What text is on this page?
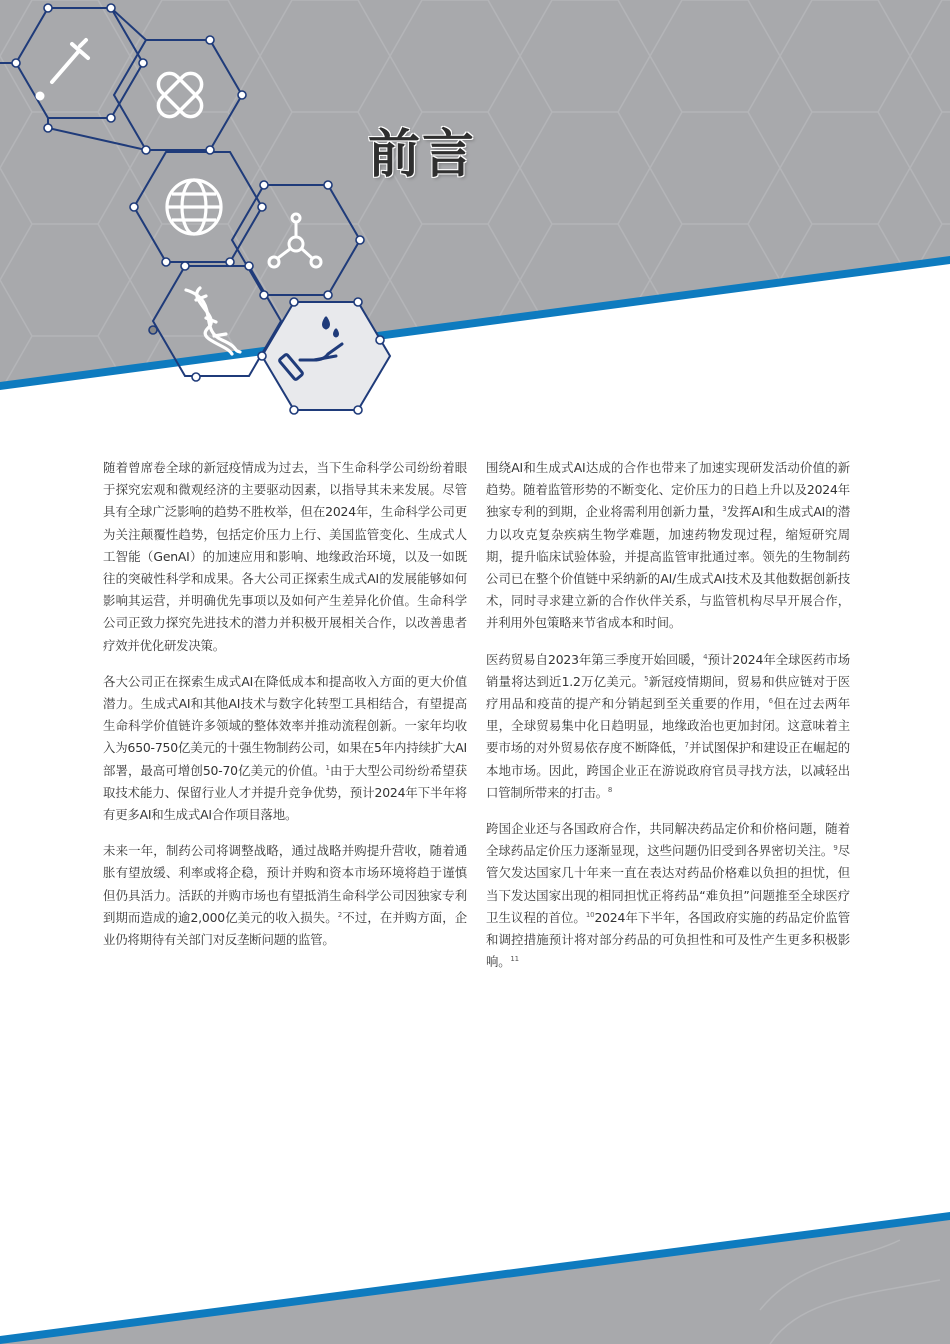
前言

随着曾席卷全球的新冠疫情成为过去，当下生命科学公司纷纷着眼于探究宏观和微观经济的主要驱动因素，以指导其未来发展。尽管具有全球广泛影响的趋势不胜枚举，但在2024年，生命科学公司更为关注颠覆性趋势，包括定价压力上行、美国监管变化、生成式人工智能（GenAI）的加速应用和影响、地缘政治环境，以及一如既往的突破性科学和成果。各大公司正探索生成式AI的发展能够如何影响其运营，并明确优先事项以及如何产生差异化价值。生命科学公司正致力探究先进技术的潜力并积极开展相关合作，以改善患者疗效并优化研发决策。

各大公司正在探索生成式AI在降低成本和提高收入方面的更大价值潜力。生成式AI和其他AI技术与数字化转型工具相结合，有望提高生命科学价值链许多领域的整体效率并推动流程创新。一家年均收入为650-750亿美元的十强生物制药公司，如果在5年内持续扩大AI部署，最高可增创50-70亿美元的价值。$^1$由于大型公司纷纷希望获取技术能力、保留行业人才并提升竞争优势，预计2024年下半年将有更多AI和生成式AI合作项目落地。

未来一年，制药公司将调整战略，通过战略并购提升营收，随着通胀有望放缓、利率或将企稳，预计并购和资本市场环境将趋于谨慎但仍具活力。活跃的并购市场也有望抵消生命科学公司因独家专利到期而造成的逾2,000亿美元的收入损失。$^2$不过，在并购方面，企业仍将期待有关部门对反垄断问题的监管。

围绕AI和生成式AI达成的合作也带来了加速实现研发活动价值的新趋势。随着监管形势的不断变化、定价压力的日趋上升以及2024年独家专利的到期，企业将需利用创新力量，$^3$发挥AI和生成式AI的潜力以攻克复杂疾病生物学难题，加速药物发现过程，缩短研究周期，提升临床试验体验，并提高监管审批通过率。领先的生物制药公司已在整个价值链中采纳新的AI/生成式AI技术及其他数据创新技术，同时寻求建立新的合作伙伴关系，与监管机构尽早开展合作，并利用外包策略来节省成本和时间。

医药贸易自2023年第三季度开始回暖，$^4$预计2024年全球医药市场销量将达到近1.2万亿美元。$^5$新冠疫情期间，贸易和供应链对于医疗用品和疫苗的提产和分销起到至关重要的作用，$^6$但在过去两年里，全球贸易集中化日趋明显，地缘政治也更加封闭。这意味着主要市场的对外贸易依存度不断降低，$^7$并试图保护和建设正在崛起的本地市场。因此，跨国企业正在游说政府官员寻找方法，以减轻出口管制所带来的打击。$^8$

跨国企业还与各国政府合作，共同解决药品定价和价格问题，随着全球药品定价压力逐渐显现，这些问题仍旧受到各界密切关注。$^9$尽管欠发达国家几十年来一直在表达对药品价格难以负担的担忧，但当下发达国家出现的相同担忧正将药品“难负担”问题推至全球医疗卫生议程的首位。$^{10}$2024年下半年，各国政府实施的药品定价监管和调控措施预计将对部分药品的可负担性和可及性产生更多积极影响。$^{11}$
